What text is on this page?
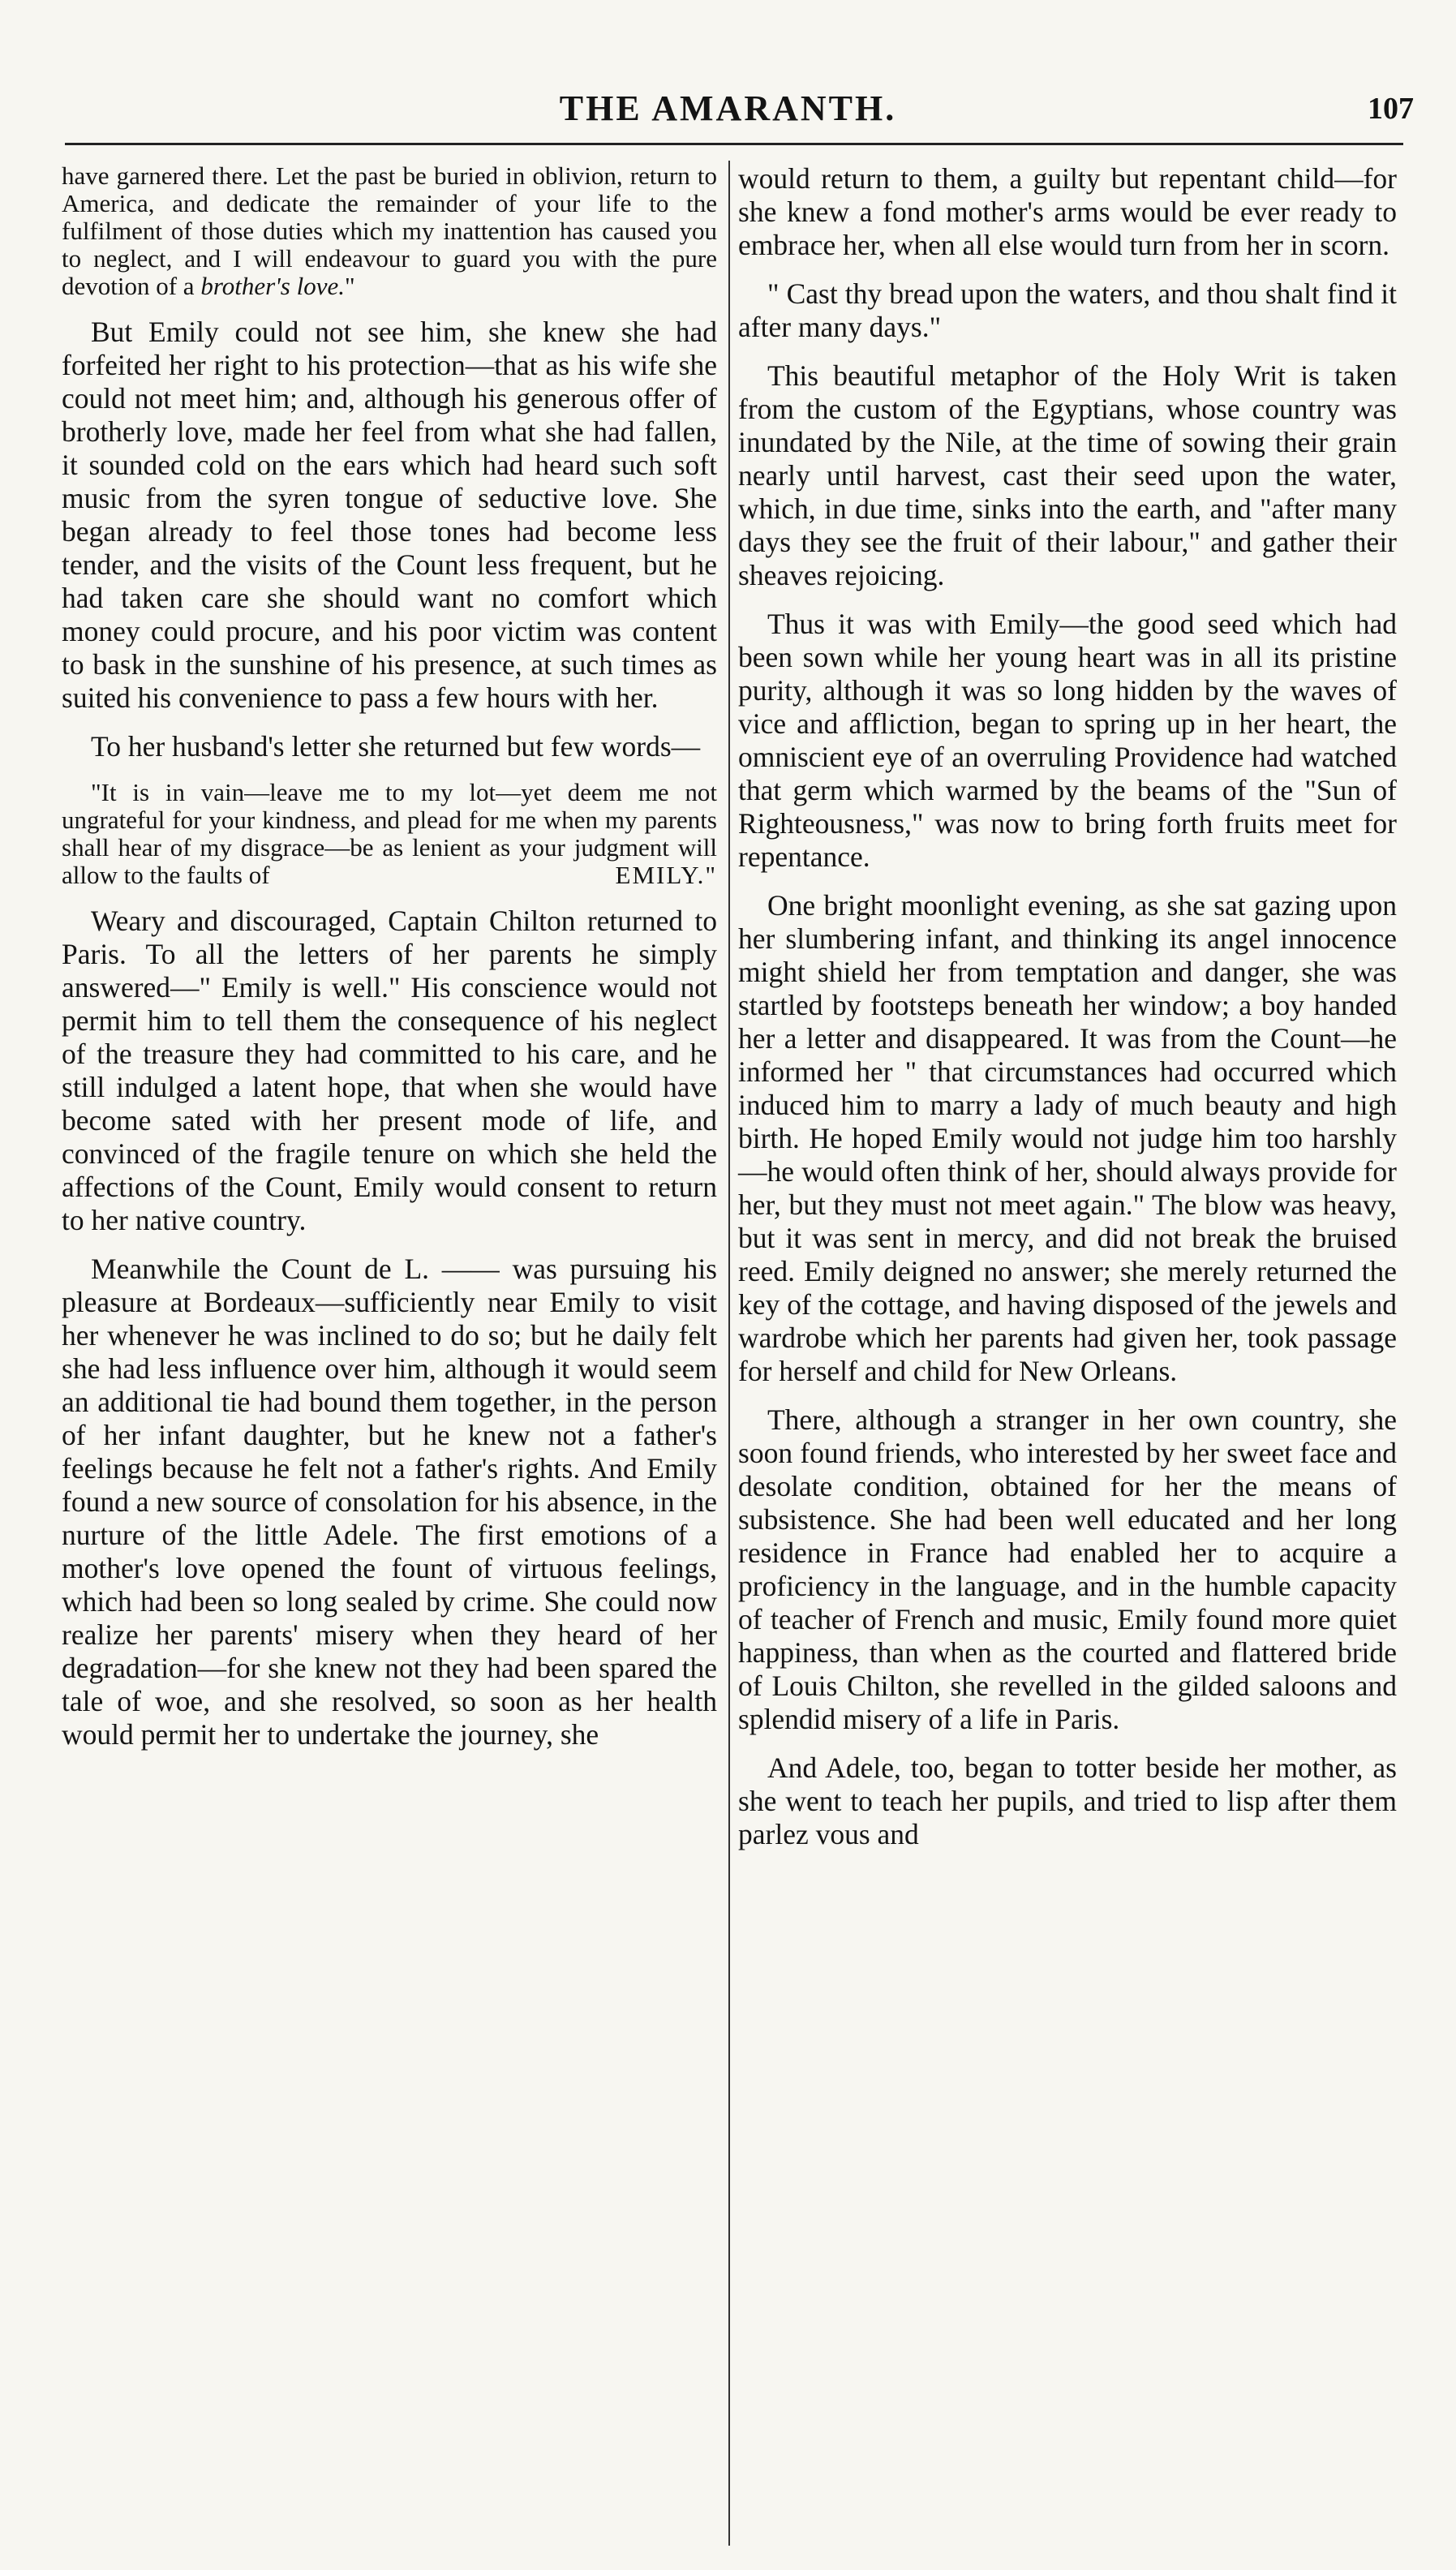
THE AMARANTH.	107

have garnered there. Let the past be buried in oblivion, return to America, and dedicate the remainder of your life to the fulfilment of those duties which my inattention has caused you to neglect, and I will endeavour to guard you with the pure devotion of a brother's love."

But Emily could not see him, she knew she had forfeited her right to his protection—that as his wife she could not meet him; and, although his generous offer of brotherly love, made her feel from what she had fallen, it sounded cold on the ears which had heard such soft music from the syren tongue of seductive love. She began already to feel those tones had become less tender, and the visits of the Count less frequent, but he had taken care she should want no comfort which money could procure, and his poor victim was content to bask in the sunshine of his presence, at such times as suited his convenience to pass a few hours with her.

To her husband's letter she returned but few words—

"It is in vain—leave me to my lot—yet deem me not ungrateful for your kindness, and plead for me when my parents shall hear of my disgrace—be as lenient as your judgment will allow to the faults of	EMILY."

Weary and discouraged, Captain Chilton returned to Paris. To all the letters of her parents he simply answered—" Emily is well." His conscience would not permit him to tell them the consequence of his neglect of the treasure they had committed to his care, and he still indulged a latent hope, that when she would have become sated with her present mode of life, and convinced of the fragile tenure on which she held the affections of the Count, Emily would consent to return to her native country.

Meanwhile the Count de L. —— was pursuing his pleasure at Bordeaux—sufficiently near Emily to visit her whenever he was inclined to do so; but he daily felt she had less influence over him, although it would seem an additional tie had bound them together, in the person of her infant daughter, but he knew not a father's feelings because he felt not a father's rights. And Emily found a new source of consolation for his absence, in the nurture of the little Adele. The first emotions of a mother's love opened the fount of virtuous feelings, which had been so long sealed by crime. She could now realize her parents' misery when they heard of her degradation—for she knew not they had been spared the tale of woe, and she resolved, so soon as her health would permit her to undertake the journey, she

would return to them, a guilty but repentant child—for she knew a fond mother's arms would be ever ready to embrace her, when all else would turn from her in scorn.

" Cast thy bread upon the waters, and thou shalt find it after many days."

This beautiful metaphor of the Holy Writ is taken from the custom of the Egyptians, whose country was inundated by the Nile, at the time of sowing their grain nearly until harvest, cast their seed upon the water, which, in due time, sinks into the earth, and "after many days they see the fruit of their labour," and gather their sheaves rejoicing.

Thus it was with Emily—the good seed which had been sown while her young heart was in all its pristine purity, although it was so long hidden by the waves of vice and affliction, began to spring up in her heart, the omniscient eye of an overruling Providence had watched that germ which warmed by the beams of the "Sun of Righteousness," was now to bring forth fruits meet for repentance.

One bright moonlight evening, as she sat gazing upon her slumbering infant, and thinking its angel innocence might shield her from temptation and danger, she was startled by footsteps beneath her window; a boy handed her a letter and disappeared. It was from the Count—he informed her " that circumstances had occurred which induced him to marry a lady of much beauty and high birth. He hoped Emily would not judge him too harshly—he would often think of her, should always provide for her, but they must not meet again." The blow was heavy, but it was sent in mercy, and did not break the bruised reed. Emily deigned no answer; she merely returned the key of the cottage, and having disposed of the jewels and wardrobe which her parents had given her, took passage for herself and child for New Orleans.

There, although a stranger in her own country, she soon found friends, who interested by her sweet face and desolate condition, obtained for her the means of subsistence. She had been well educated and her long residence in France had enabled her to acquire a proficiency in the language, and in the humble capacity of teacher of French and music, Emily found more quiet happiness, than when as the courted and flattered bride of Louis Chilton, she revelled in the gilded saloons and splendid misery of a life in Paris.

And Adele, too, began to totter beside her mother, as she went to teach her pupils, and tried to lisp after them parlez vous and
